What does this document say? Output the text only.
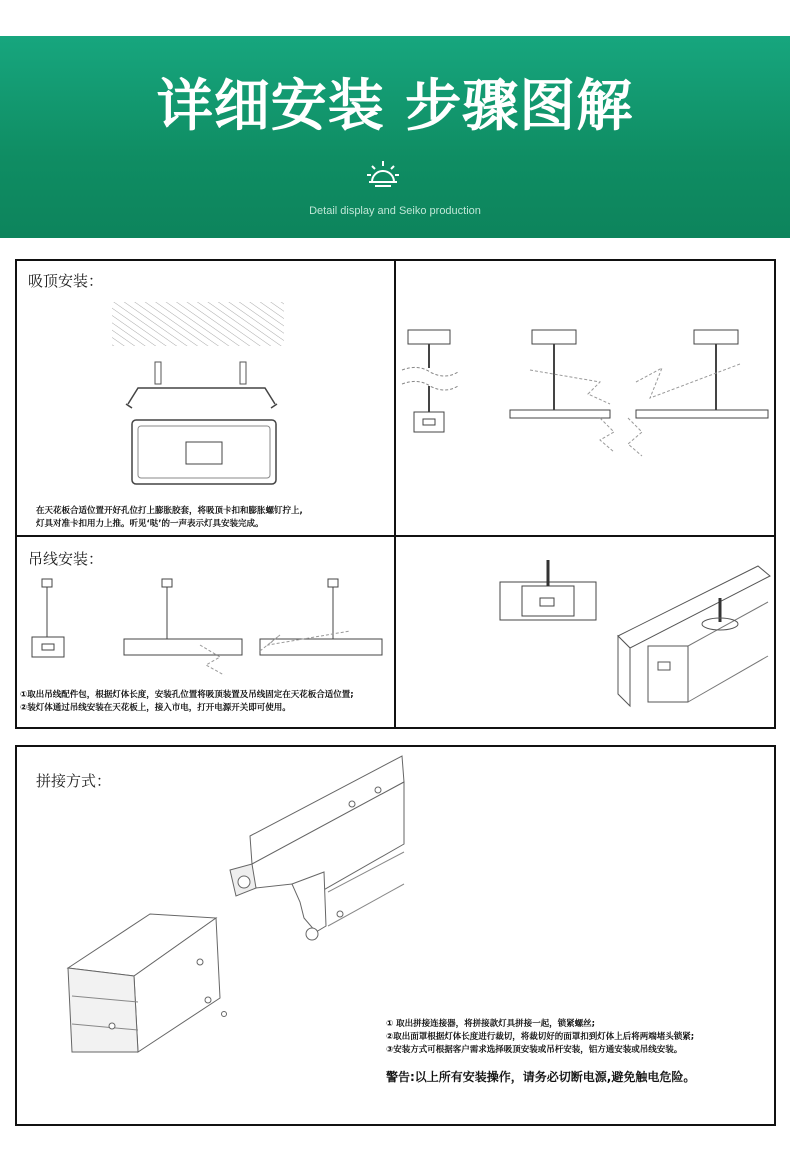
详细安装 步骤图解
Detail display and Seiko production
吸顶安装：
在天花板合适位置开好孔位打上膨胀胶套，将吸顶卡扣和膨胀螺钉拧上,
灯具对准卡扣用力上推。听见‘哒’的一声表示灯具安装完成。
吊线安装：
①取出吊线配件包，根据灯体长度，安装孔位置将吸顶装置及吊线固定在天花板合适位置;
②装灯体通过吊线安装在天花板上，接入市电，打开电源开关即可使用。
拼接方式：
① 取出拼接连接器，将拼接款灯具拼接一起，锁紧螺丝;
②取出面罩根据灯体长度进行裁切，将裁切好的面罩扣到灯体上后将两端堵头锁紧;
③安装方式可根据客户需求选择吸顶安装或吊杆安装，铝方通安装或吊线安装。
警告:以上所有安装操作，请务必切断电源,避免触电危险。
